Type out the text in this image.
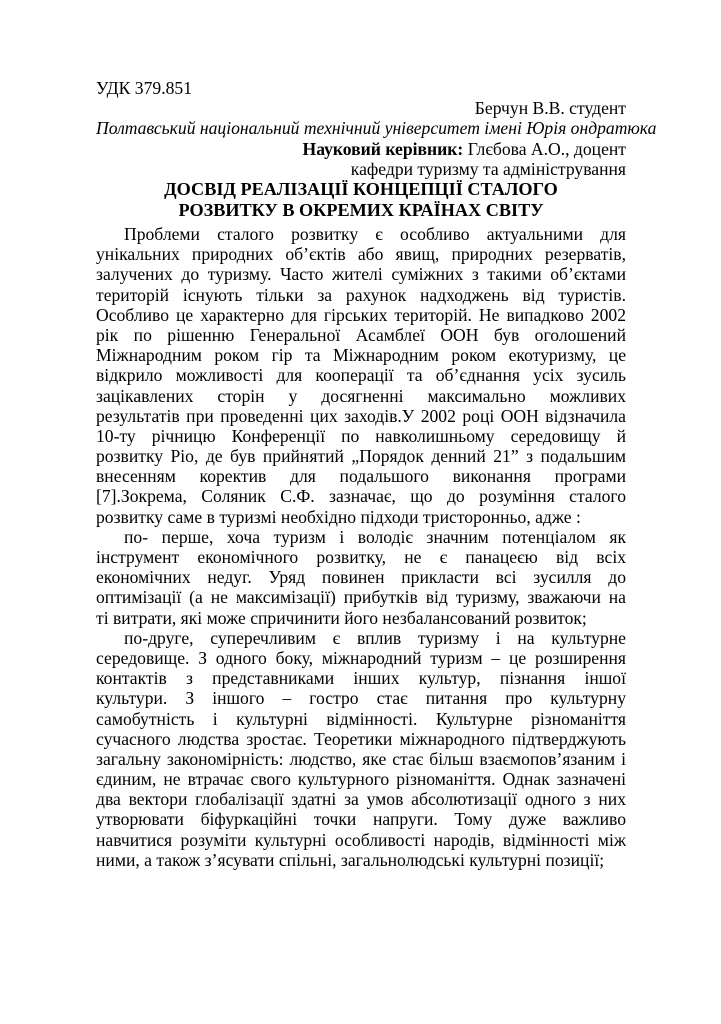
УДК 379.851
Берчун В.В. студент
Полтавський національний технічний університет імені Юрія ондратюка
Науковий керівник: Глєбова А.О., доцент
кафедри туризму та адміністрування
ДОСВІД РЕАЛІЗАЦІЇ КОНЦЕПЦІЇ СТАЛОГО
РОЗВИТКУ В ОКРЕМИХ КРАЇНАХ СВІТУ
Проблеми сталого розвитку є особливо актуальними для
унікальних природних об’єктів або явищ, природних резерватів,
залучених до туризму. Часто жителі суміжних з такими об’єктами
територій існують тільки за рахунок надходжень від туристів.
Особливо це характерно для гірських територій. Не випадково 2002
рік по рішенню Генеральної Асамблеї ООН був оголошений
Міжнародним роком гір та Міжнародним роком екотуризму, це
відкрило можливості для кооперації та об’єднання усіх зусиль
зацікавлених сторін у досягненні максимально можливих
результатів при проведенні цих заходів.У 2002 році ООН відзначила
10-ту річницю Конференції по навколишньому середовищу й
розвитку Ріо, де був прийнятий „Порядок денний 21” з подальшим
внесенням коректив для подальшого виконання програми
[7].Зокрема, Соляник С.Ф. зазначає, що до розуміння сталого
розвитку саме в туризмі необхідно підходи тристоронньо, адже :
по- перше, хоча туризм і володіє значним потенціалом як
інструмент економічного розвитку, не є панацеєю від всіх
економічних недуг. Уряд повинен прикласти всі зусилля до
оптимізації (а не максимізації) прибутків від туризму, зважаючи на
ті витрати, які може спричинити його незбалансований розвиток;
по-друге, суперечливим є вплив туризму і на культурне
середовище. З одного боку, міжнародний туризм – це розширення
контактів з представниками інших культур, пізнання іншої
культури. З іншого – гостро стає питання про культурну
самобутність і культурні відмінності. Культурне різноманіття
сучасного людства зростає. Теоретики міжнародного підтверджують
загальну закономірність: людство, яке стає більш взаємопов’язаним і
єдиним, не втрачає свого культурного різноманіття. Однак зазначені
два вектори глобалізації здатні за умов абсолютизації одного з них
утворювати біфуркаційні точки напруги. Тому дуже важливо
навчитися розуміти культурні особливості народів, відмінності між
ними, а також з’ясувати спільні, загальнолюдські культурні позиції;
